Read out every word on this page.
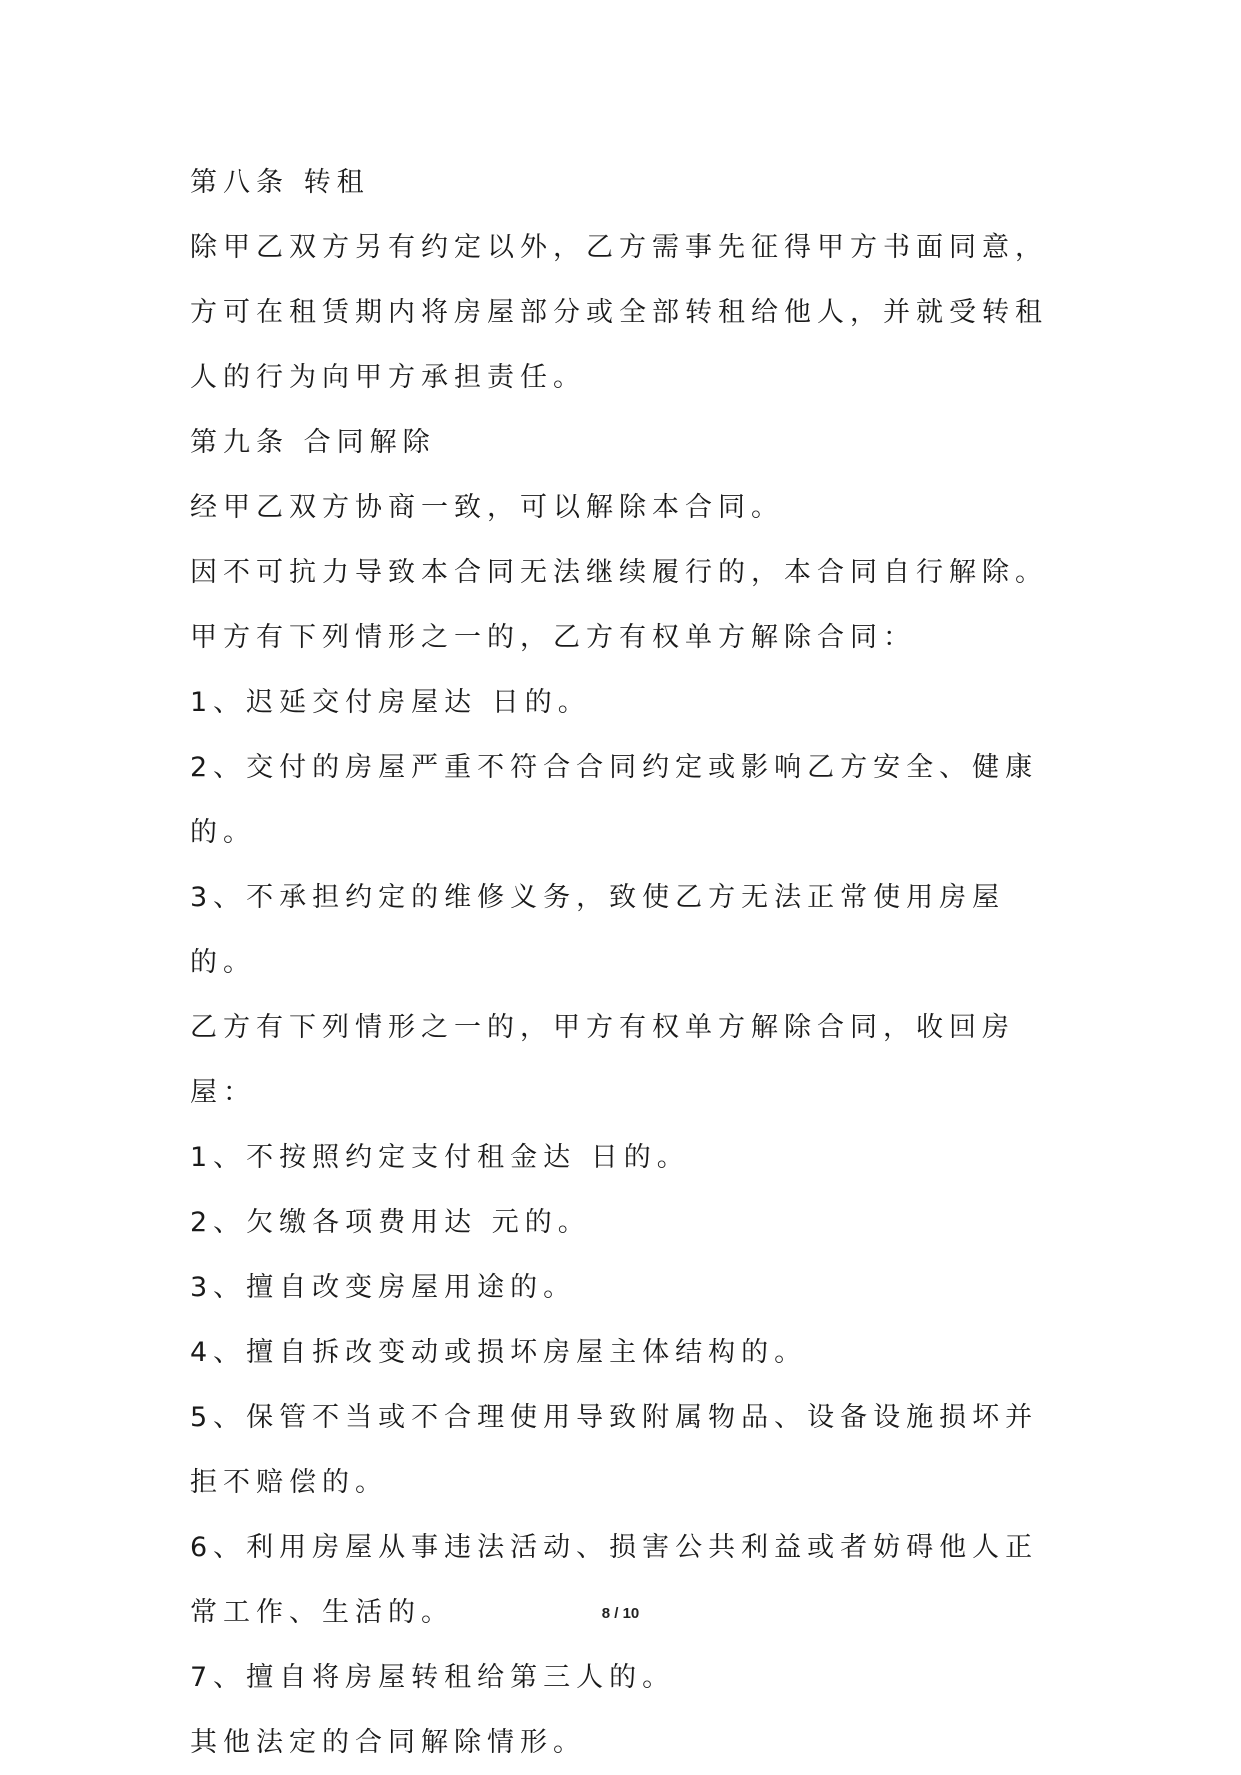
第八条 转租

除甲乙双方另有约定以外，乙方需事先征得甲方书面同意，方可在租赁期内将房屋部分或全部转租给他人，并就受转租人的行为向甲方承担责任。

第九条 合同解除

经甲乙双方协商一致，可以解除本合同。

因不可抗力导致本合同无法继续履行的，本合同自行解除。

甲方有下列情形之一的，乙方有权单方解除合同：

1、迟延交付房屋达 日的。

2、交付的房屋严重不符合合同约定或影响乙方安全、健康的。

3、不承担约定的维修义务，致使乙方无法正常使用房屋的。

乙方有下列情形之一的，甲方有权单方解除合同，收回房屋：

1、不按照约定支付租金达 日的。

2、欠缴各项费用达 元的。

3、擅自改变房屋用途的。

4、擅自拆改变动或损坏房屋主体结构的。

5、保管不当或不合理使用导致附属物品、设备设施损坏并拒不赔偿的。

6、利用房屋从事违法活动、损害公共利益或者妨碍他人正常工作、生活的。

7、擅自将房屋转租给第三人的。

其他法定的合同解除情形。

8 / 10
